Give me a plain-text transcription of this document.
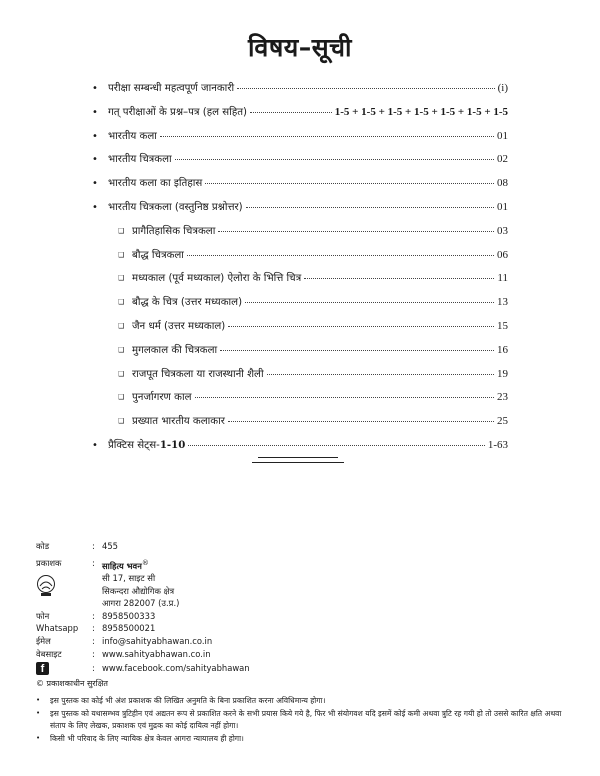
विषय–सूची
• परीक्षा सम्बन्धी महत्वपूर्ण जानकारी	(i)
• गत् परीक्षाओं के प्रश्न–पत्र (हल सहित)	1-5 + 1-5 + 1-5 + 1-5 + 1-5 + 1-5 + 1-5
• भारतीय कला	01
• भारतीय चित्रकला	02
• भारतीय कला का इतिहास	08
• भारतीय चित्रकला (वस्तुनिष्ठ प्रश्नोत्तर)	01
❑ प्रागैतिहासिक चित्रकला	03
❑ बौद्ध चित्रकला	06
❑ मध्यकाल (पूर्व मध्यकाल) ऐलोरा के भित्ति चित्र	11
❑ बौद्ध के चित्र (उत्तर मध्यकाल)	13
❑ जैन धर्म (उत्तर मध्यकाल)	15
❑ मुगलकाल की चित्रकला	16
❑ राजपूत चित्रकला या राजस्थानी शैली	19
❑ पुनर्जागरण काल	23
❑ प्रख्यात भारतीय कलाकार	25
• प्रैक्टिस सेट्स-1-10	1-63
कोड	: 455
प्रकाशक	: साहित्य भवन®
सी 17, साइट सी
सिकन्दरा औद्योगिक क्षेत्र
आगरा 282007 (उ.प्र.)
फोन	: 8958500333
Whatsapp	: 8958500021
ईमेल	: info@sahityabhawan.co.in
वेबसाइट	: www.sahityabhawan.co.in
f	: www.facebook.com/sahityabhawan
© प्रकाशकाधीन सुरक्षित
•	इस पुस्तक का कोई भी अंश प्रकाशक की लिखित अनुमति के बिना प्रकाशित करना अविधिमान्य होगा।
•	इस पुस्तक को यथासम्भव त्रुटिहीन एवं अद्यतन रूप से प्रकाशित करने के सभी प्रयास किये गये है, फिर भी संयोगवश यदि इसमें कोई कमी अथवा त्रुटि रह गयी हो तो उससे कारित क्षति अथवा संताप के लिए लेखक, प्रकाशक एवं मुद्रक का कोई दायित्व नहीं होगा।
•	किसी भी परिवाद के लिए न्यायिक क्षेत्र केवल आगरा न्यायालय ही होगा।
